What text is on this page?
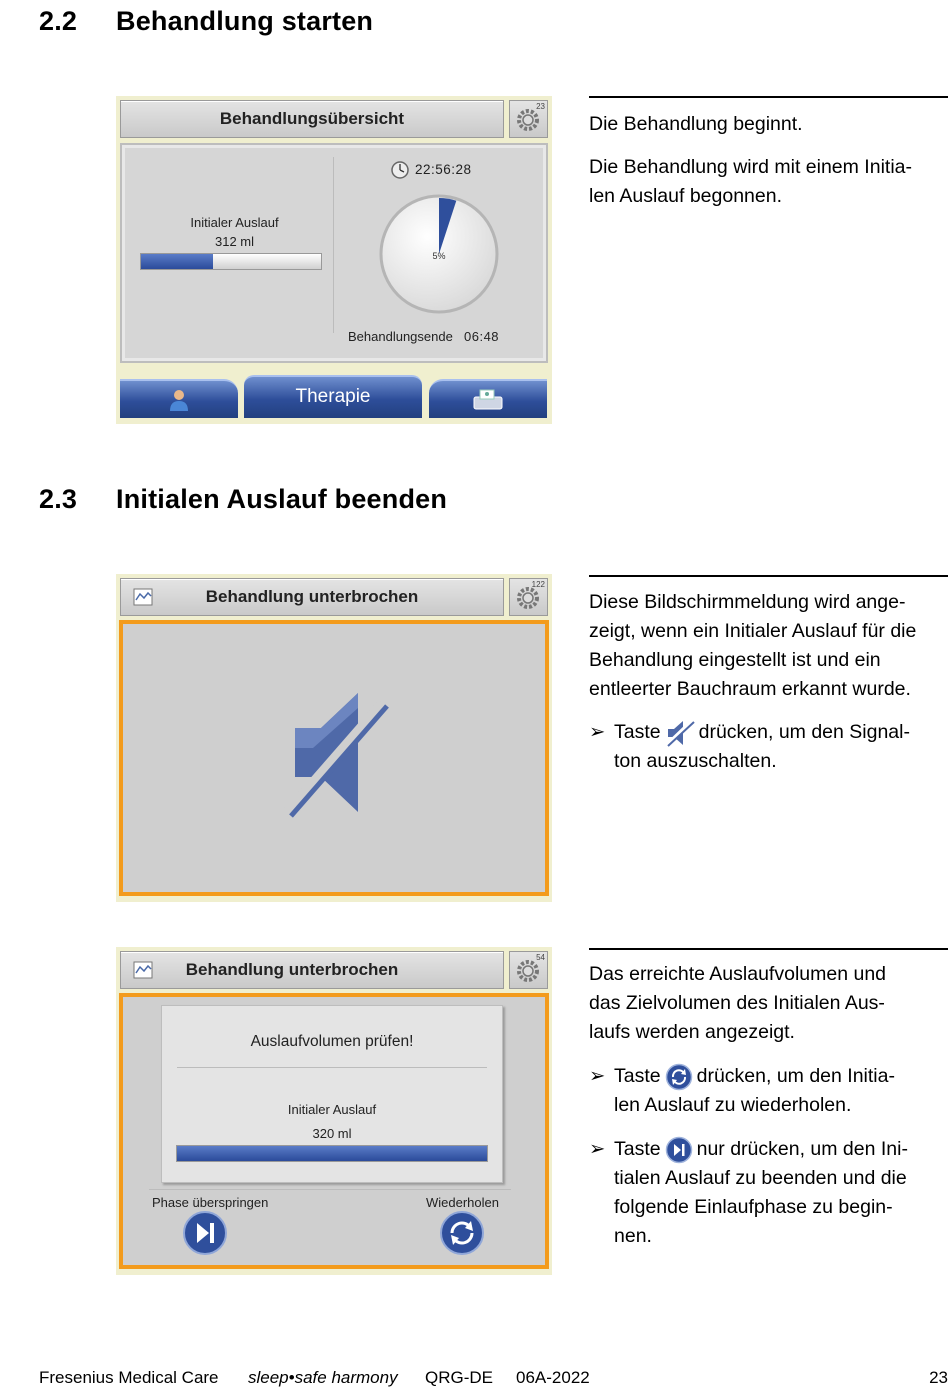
2.2 Behandlung starten
Behandlungsübersicht
23
Initialer Auslauf
312 ml
22:56:28
5%
Behandlungsende 06:48
Therapie
Die Behandlung beginnt.
Die Behandlung wird mit einem Initia-
len Auslauf begonnen.
2.3 Initialen Auslauf beenden
Behandlung unterbrochen
122
Diese Bildschirmmeldung wird ange-
zeigt, wenn ein Initialer Auslauf für die
Behandlung eingestellt ist und ein
entleerter Bauchraum erkannt wurde.
➢ Taste drücken, um den Signal-
ton auszuschalten.
Behandlung unterbrochen
54
Auslaufvolumen prüfen!
Initialer Auslauf
320 ml
Phase überspringen	Wiederholen
Das erreichte Auslaufvolumen und
das Zielvolumen des Initialen Aus-
laufs werden angezeigt.
➢ Taste drücken, um den Initia-
len Auslauf zu wiederholen.
➢ Taste nur drücken, um den Ini-
tialen Auslauf zu beenden und die
folgende Einlaufphase zu begin-
nen.
Fresenius Medical Care sleep•safe harmony QRG-DE 06A-2022	23
